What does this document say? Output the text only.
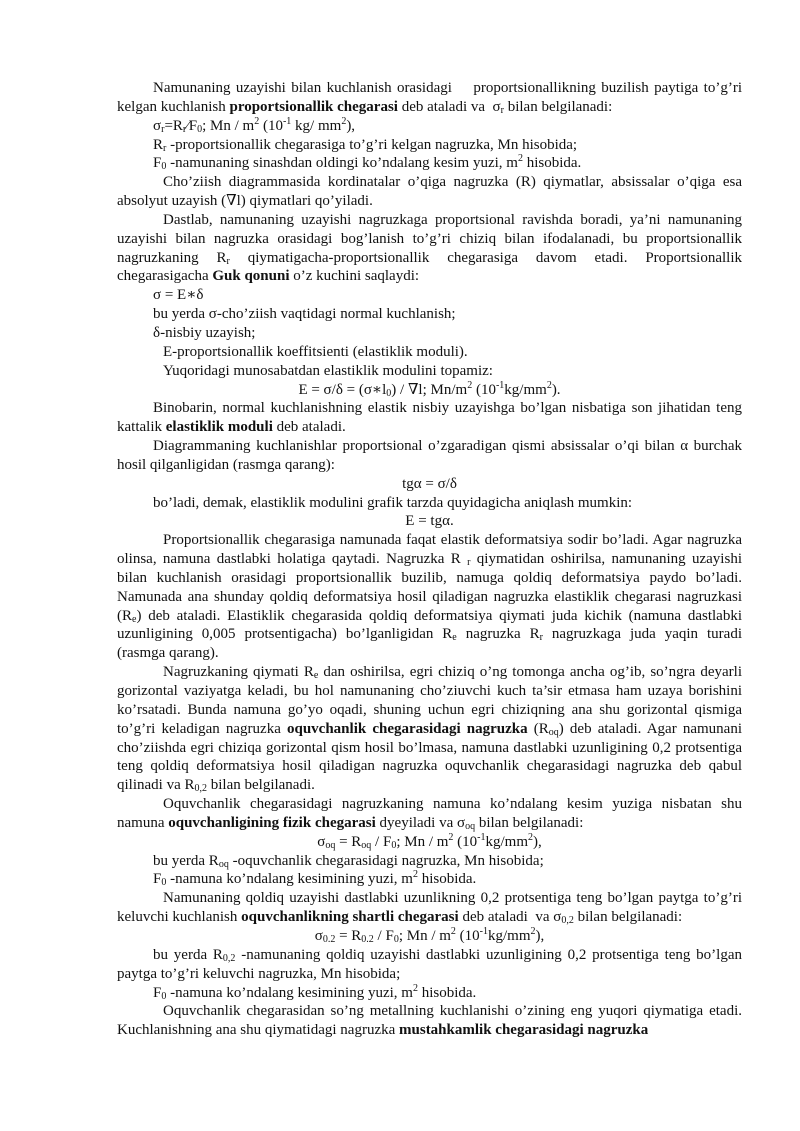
Namunaning uzayishi bilan kuchlanish orasidagi    proportsionallikning buzilish paytiga to’g’ri kelgan kuchlanish proportsionallik chegarasi deb ataladi va  $\sigma_r$ bilan belgilanadi:

$\sigma_r=R_r⁄F_0$; Mn / $m^2$ ($10^{-1}$ kg/ $mm^2$),

$R_r$ -proportsionallik chegarasiga to’g’ri kelgan nagruzka, Mn hisobida;

$F_0$ -namunaning sinashdan oldingi ko’ndalang kesim yuzi, $m^2$ hisobida.

Cho’ziish diagrammasida kordinatalar o’qiga nagruzka (R) qiymatlar, absissalar o’qiga esa absolyut uzayish (∇l) qiymatlari qo’yiladi.

Dastlab, namunaning uzayishi nagruzkaga proportsional ravishda boradi, ya’ni namunaning uzayishi bilan nagruzka orasidagi bog’lanish to’g’ri chiziq bilan ifodalanadi, bu proportsionallik nagruzkaning $R_r$ qiymatigacha-proportsionallik chegarasiga davom etadi. Proportsionallik chegarasigacha Guk qonuni o’z kuchini saqlaydi:

σ = E∗δ

bu yerda σ-cho’ziish vaqtidagi normal kuchlanish;

δ-nisbiy uzayish;

E-proportsionallik koeffitsienti (elastiklik moduli).

Yuqoridagi munosabatdan elastiklik modulini topamiz:

$E = \sigma/\delta = (\sigma∗l_0) / \nabla l$; $Mn/m^2$ $(10^{-1}kg/mm^2)$.

Binobarin, normal kuchlanishning elastik nisbiy uzayishga bo’lgan nisbatiga son jihatidan teng kattalik elastiklik moduli deb ataladi.

Diagrammaning kuchlanishlar proportsional o’zgaradigan qismi absissalar o’qi bilan α burchak hosil qilganligidan (rasmga qarang):

tgα = σ/δ

bo’ladi, demak, elastiklik modulini grafik tarzda quyidagicha aniqlash mumkin:

E = tgα.

Proportsionallik chegarasiga namunada faqat elastik deformatsiya sodir bo’ladi. Agar nagruzka olinsa, namuna dastlabki holatiga qaytadi. Nagruzka R $_r$ qiymatidan oshirilsa, namunaning uzayishi bilan kuchlanish orasidagi proportsionallik buzilib, namuga qoldiq deformatsiya paydo bo’ladi. Namunada ana shunday qoldiq deformatsiya hosil qiladigan nagruzka elastiklik chegarasi nagruzkasi $(R_e)$ deb ataladi. Elastiklik chegarasida qoldiq deformatsiya qiymati juda kichik (namuna dastlabki uzunligining 0,005 protsentigacha) bo’lganligidan $R_e$ nagruzka $R_r$ nagruzkaga juda yaqin turadi (rasmga qarang).

Nagruzkaning qiymati $R_e$ dan oshirilsa, egri chiziq o’ng tomonga ancha og’ib, so’ngra deyarli gorizontal vaziyatga keladi, bu hol namunaning cho’ziuvchi kuch ta’sir etmasa ham uzaya borishini ko’rsatadi. Bunda namuna go’yo oqadi, shuning uchun egri chiziqning ana shu gorizontal qismiga to’g’ri keladigan nagruzka oquvchanlik chegarasidagi nagruzka $(R_{oq})$ deb ataladi. Agar namunani cho’ziishda egri chiziqa gorizontal qism hosil bo’lmasa, namuna dastlabki uzunligining 0,2 protsentiga teng qoldiq deformatsiya hosil qiladigan nagruzka oquvchanlik chegarasidagi nagruzka deb qabul qilinadi va $R_{0,2}$ bilan belgilanadi.

Oquvchanlik chegarasidagi nagruzkaning namuna ko’ndalang kesim yuziga nisbatan shu namuna oquvchanligining fizik chegarasi dyeyiladi va $\sigma_{oq}$ bilan belgilanadi:

$\sigma_{oq} = R_{oq} / F_0$; Mn / $m^2$ $(10^{-1}kg/mm^2)$,

bu yerda $R_{oq}$ -oquvchanlik chegarasidagi nagruzka, Mn hisobida;

$F_0$ -namuna ko’ndalang kesimining yuzi, $m^2$ hisobida.

Namunaning qoldiq uzayishi dastlabki uzunlikning 0,2 protsentiga teng bo’lgan paytga to’g’ri keluvchi kuchlanish oquvchanlikning shartli chegarasi deb ataladi  va $\sigma_{0,2}$ bilan belgilanadi:

$\sigma_{0.2} = R_{0.2} / F_0$; Mn / $m^2$ $(10^{-1}kg/mm^2)$,

bu yerda $R_{0,2}$ -namunaning qoldiq uzayishi dastlabki uzunligining 0,2 protsentiga teng bo’lgan paytga to’g’ri keluvchi nagruzka, Mn hisobida;

$F_0$ -namuna ko’ndalang kesimining yuzi, $m^2$ hisobida.

Oquvchanlik chegarasidan so’ng metallning kuchlanishi o’zining eng yuqori qiymatiga etadi. Kuchlanishning ana shu qiymatidagi nagruzka mustahkamlik chegarasidagi nagruzka
